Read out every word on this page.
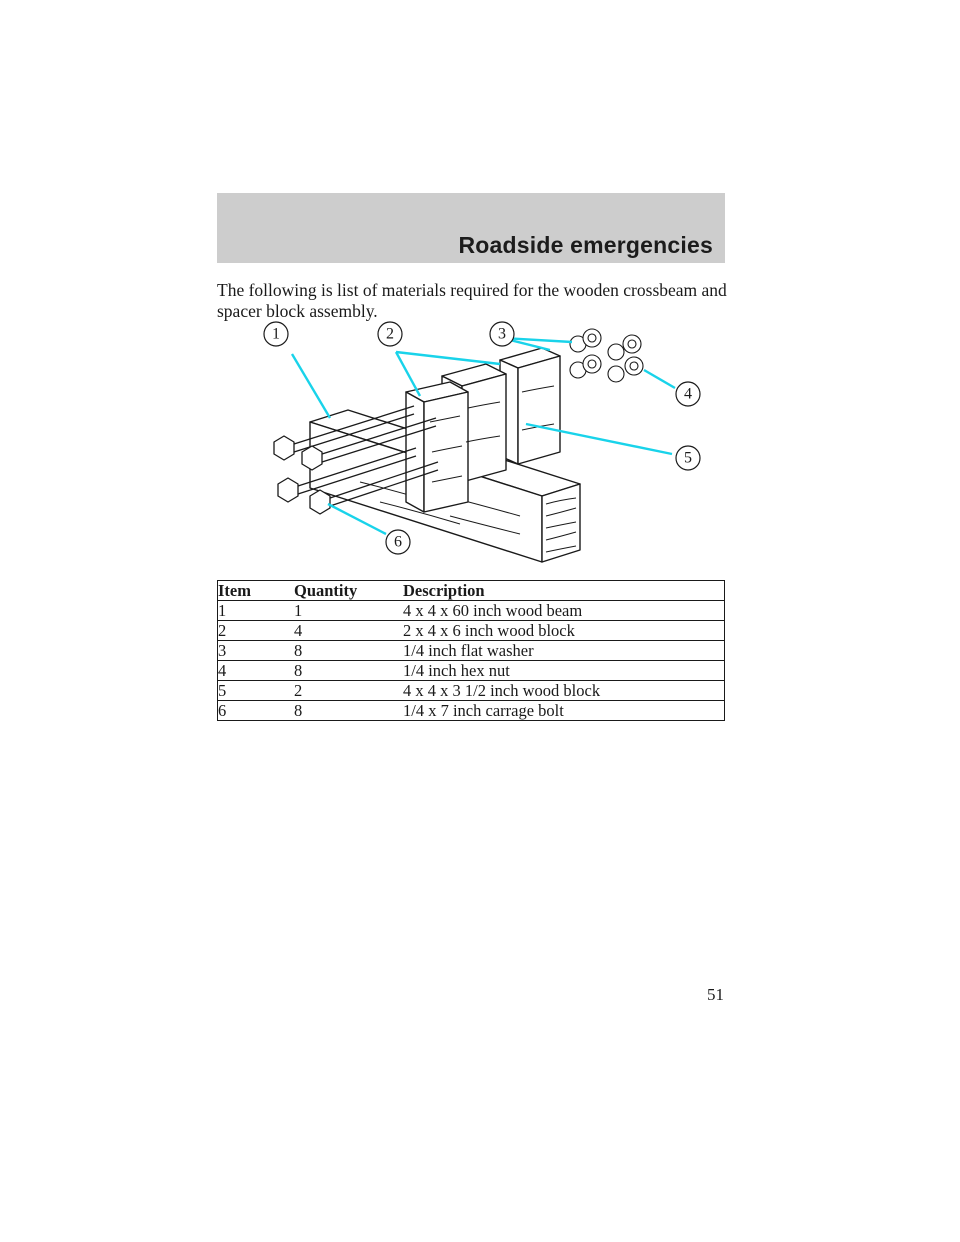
Roadside emergencies

The following is list of materials required for the wooden crossbeam and spacer block assembly.

1	2	3
4
5
6
Item	Quantity	Description
1	1	4 x 4 x 60 inch wood beam
2	4	2 x 4 x 6 inch wood block
3	8	1/4 inch flat washer
4	8	1/4 inch hex nut
5	2	4 x 4 x 3 1/2 inch wood block
6	8	1/4 x 7 inch carrage bolt
51
